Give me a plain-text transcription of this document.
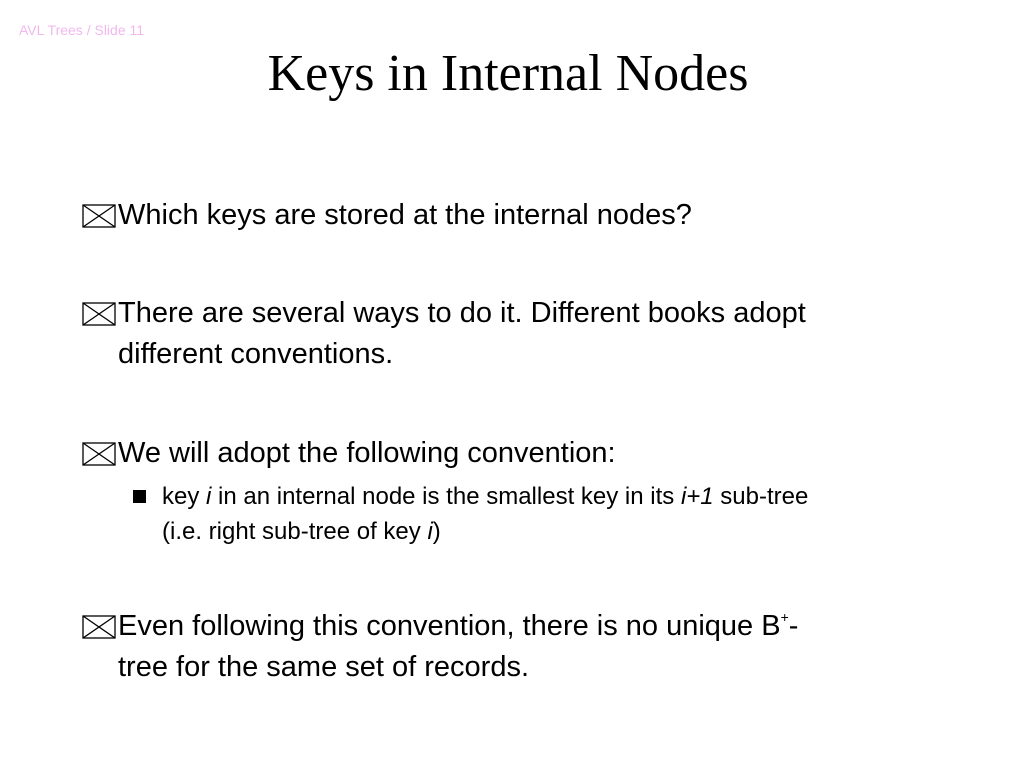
AVL Trees / Slide 11
Keys in Internal Nodes
Which keys are stored at the internal nodes?
There are several ways to do it. Different books adopt
different conventions.
We will adopt the following convention:
key i in an internal node is the smallest key in its i+1 sub-tree
(i.e. right sub-tree of key i)
Even following this convention, there is no unique B+-
tree for the same set of records.
